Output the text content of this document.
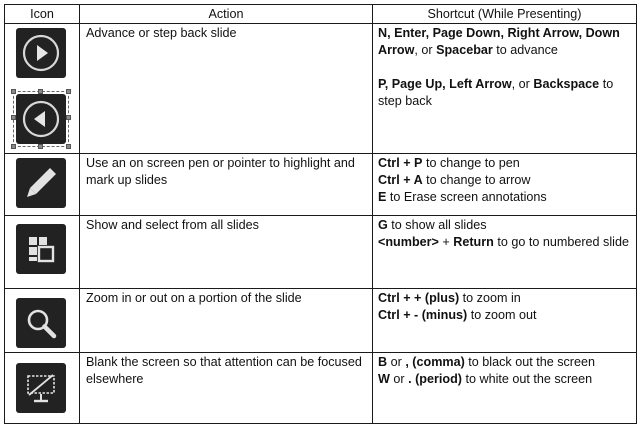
Icon	Action	Shortcut (While Presenting)

	Advance or step back slide	N, Enter, Page Down, Right Arrow, Down Arrow, or Spacebar to advance

P, Page Up, Left Arrow, or Backspace to step back

	Use an on screen pen or pointer to highlight and mark up slides	Ctrl + P to change to pen

Ctrl + A to change to arrow

E to Erase screen annotations

	Show and select from all slides	G to show all slides

<number> + Return to go to numbered slide

	Zoom in or out on a portion of the slide	Ctrl + + (plus) to zoom in

Ctrl + - (minus) to zoom out

	Blank the screen so that attention can be focused elsewhere	B or , (comma) to black out the screen

W or . (period) to white out the screen
